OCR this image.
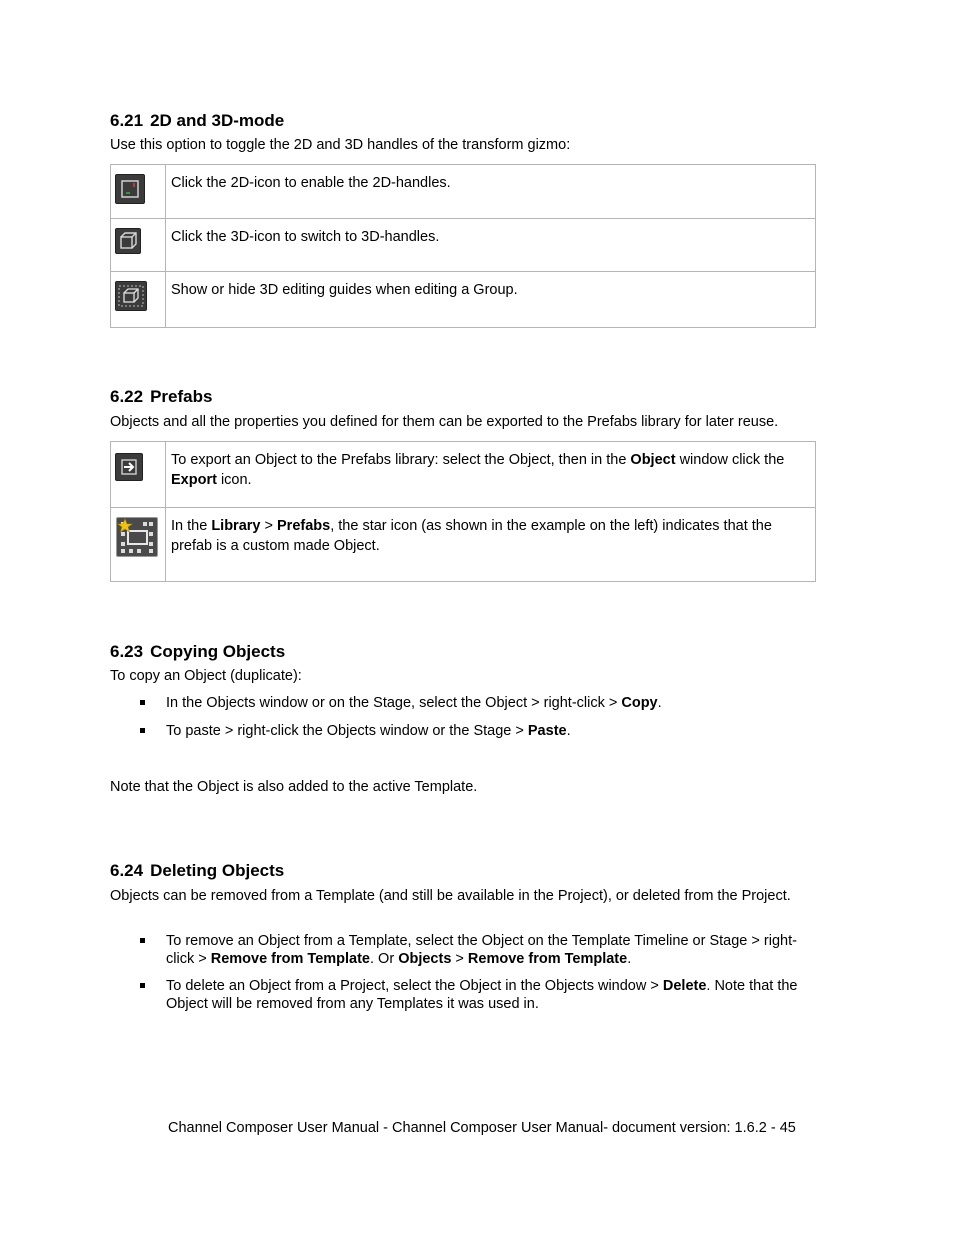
6.21 2D and 3D-mode

Use this option to toggle the 2D and 3D handles of the transform gizmo:

	Click the 2D-icon to enable the 2D-handles.

	Click the 3D-icon to switch to 3D-handles.

	Show or hide 3D editing guides when editing a Group.
6.22 Prefabs

Objects and all the properties you defined for them can be exported to the Prefabs library for later reuse.

	To export an Object to the Prefabs library: select the Object, then in the Object window click the Export icon.

	In the Library > Prefabs, the star icon (as shown in the example on the left) indicates that the prefab is a custom made Object.
6.23 Copying Objects

To copy an Object (duplicate):

In the Objects window or on the Stage, select the Object > right-click > Copy.
To paste > right-click the Objects window or the Stage > Paste.

Note that the Object is also added to the active Template.

6.24 Deleting Objects

Objects can be removed from a Template (and still be available in the Project), or deleted from the Project.

To remove an Object from a Template, select the Object on the Template Timeline or Stage > right-click > Remove from Template. Or Objects > Remove from Template.
To delete an Object from a Project, select the Object in the Objects window > Delete. Note that the Object will be removed from any Templates it was used in.
Channel Composer User Manual - Channel Composer User Manual- document version: 1.6.2 - 45
